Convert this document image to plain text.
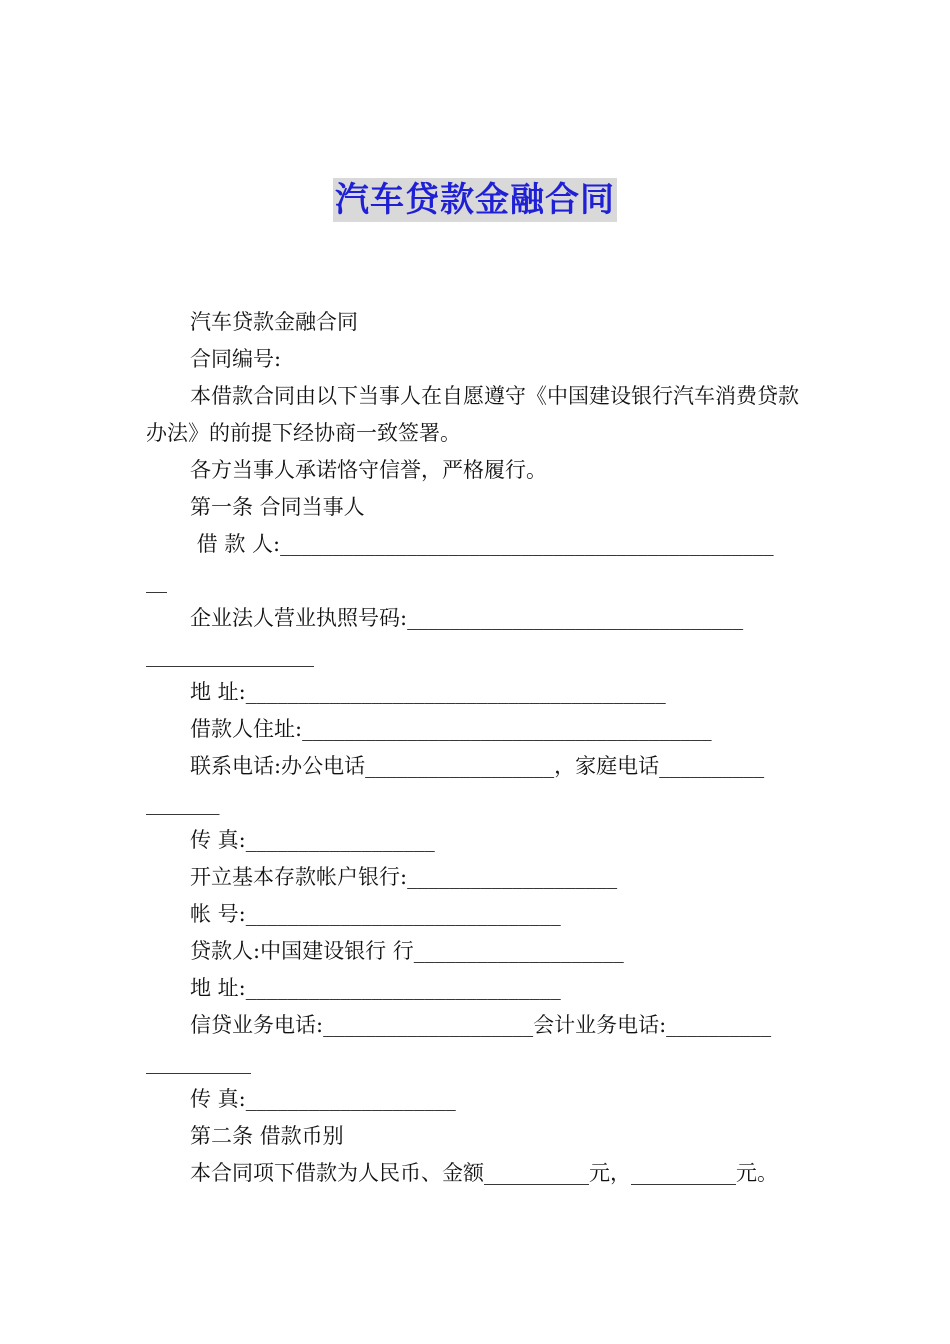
汽车贷款金融合同

汽车贷款金融合同

合同编号:

本借款合同由以下当事人在自愿遵守《中国建设银行汽车消费贷款办法》的前提下经协商一致签署。

各方当事人承诺恪守信誉，严格履行。

第一条 合同当事人

借 款 人:_______________________________________________

__

企业法人营业执照号码:________________________________

________________

地 址:________________________________________

借款人住址:_______________________________________

联系电话:办公电话__________________，家庭电话__________

_______

传 真:__________________

开立基本存款帐户银行:____________________

帐 号:______________________________

贷款人:中国建设银行 行____________________

地 址:______________________________

信贷业务电话:____________________会计业务电话:__________

__________

传 真:____________________

第二条 借款币别

本合同项下借款为人民币、金额__________元，__________元。
